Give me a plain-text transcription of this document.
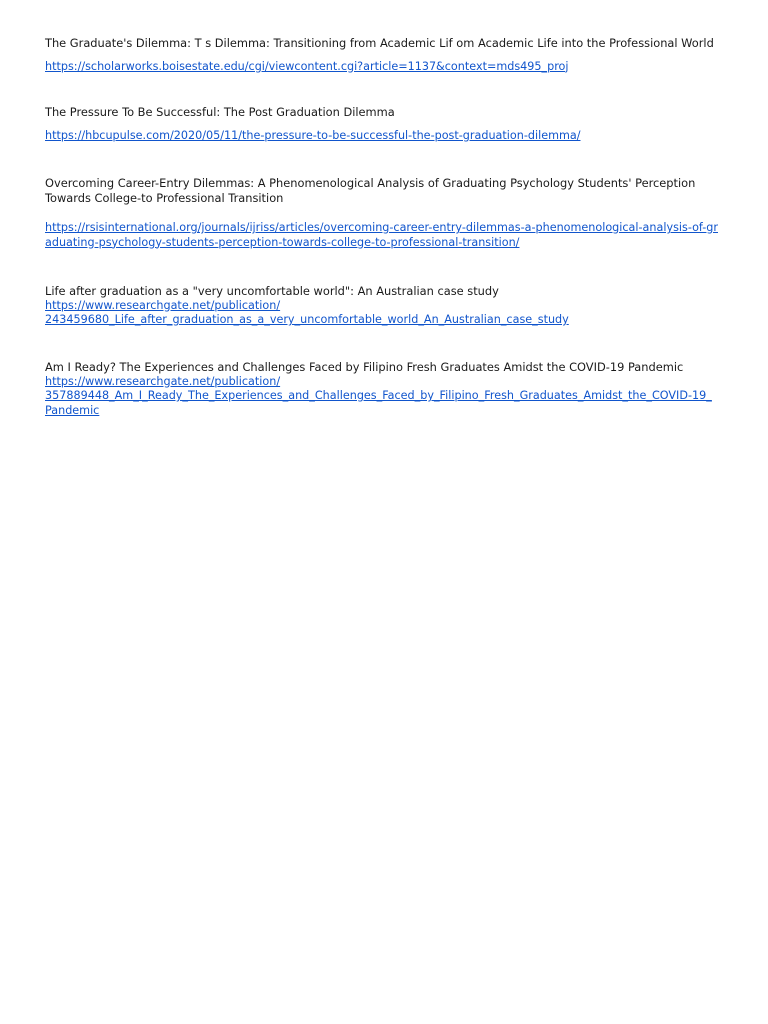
The Graduate's Dilemma: T s Dilemma: Transitioning from Academic Lif om Academic Life into the Professional World

https://scholarworks.boisestate.edu/cgi/viewcontent.cgi?article=1137&context=mds495_proj

The Pressure To Be Successful: The Post Graduation Dilemma

https://hbcupulse.com/2020/05/11/the-pressure-to-be-successful-the-post-graduation-dilemma/

Overcoming Career-Entry Dilemmas: A Phenomenological Analysis of Graduating Psychology Students' Perception Towards College-to Professional Transition

https://rsisinternational.org/journals/ijriss/articles/overcoming-career-entry-dilemmas-a-phenomenological-analysis-of-graduating-psychology-students-perception-towards-college-to-professional-transition/

Life after graduation as a "very uncomfortable world": An Australian case study

https://www.researchgate.net/publication/
243459680_Life_after_graduation_as_a_very_uncomfortable_world_An_Australian_case_study

Am I Ready? The Experiences and Challenges Faced by Filipino Fresh Graduates Amidst the COVID-19 Pandemic

https://www.researchgate.net/publication/
357889448_Am_I_Ready_The_Experiences_and_Challenges_Faced_by_Filipino_Fresh_Graduates_Amidst_the_COVID-19_Pandemic
